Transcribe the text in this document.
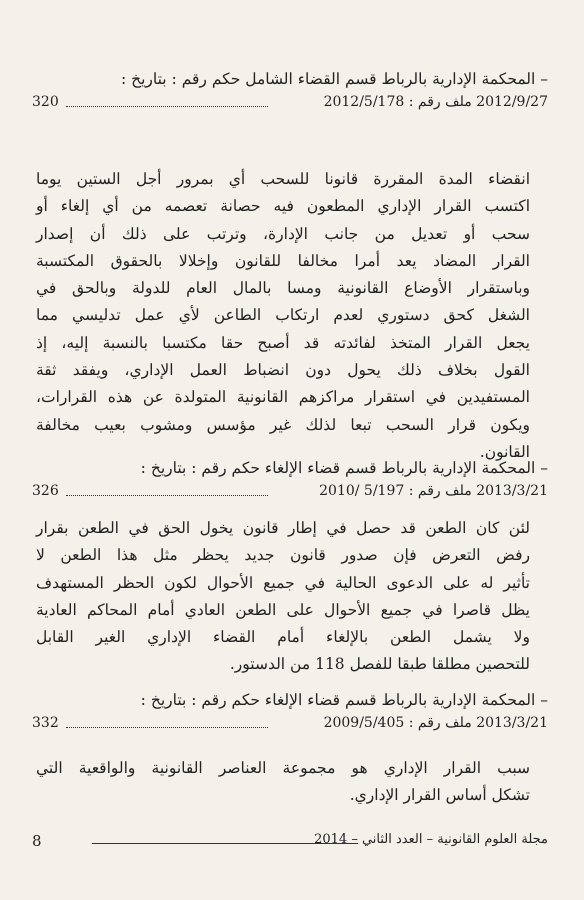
– المحكمة الإدارية بالرباط قسم القضاء الشامل حكم رقم : بتاريخ :
320	2012/9/27 ملف رقم : 2012/5/178

انقضاء المدة المقررة قانونا للسحب أي بمرور أجل الستين يوما

اكتسب القرار الإداري المطعون فيه حصانة تعصمه من أي إلغاء أو

سحب أو تعديل من جانب الإدارة، وترتب على ذلك أن إصدار

القرار المضاد يعد أمرا مخالفا للقانون وإخلالا بالحقوق المكتسبة

وباستقرار الأوضاع القانونية ومسا بالمال العام للدولة وبالحق في

الشغل كحق دستوري لعدم ارتكاب الطاعن لأي عمل تدليسي مما

يجعل القرار المتخذ لفائدته قد أصبح حقا مكتسبا بالنسبة إليه، إذ

القول بخلاف ذلك يحول دون انضباط العمل الإداري، ويفقد ثقة

المستفيدين في استقرار مراكزهم القانونية المتولدة عن هذه القرارات،

ويكون قرار السحب تبعا لذلك غير مؤسس ومشوب بعيب مخالفة

القانون.

– المحكمة الإدارية بالرباط قسم قضاء الإلغاء حكم رقم : بتاريخ :
326	2013/3/21 ملف رقم : 2010/ 5/197

لئن كان الطعن قد حصل في إطار قانون يخول الحق في الطعن بقرار

رفض التعرض فإن صدور قانون جديد يحظر مثل هذا الطعن لا

تأثير له على الدعوى الحالية في جميع الأحوال لكون الحظر المستهدف

يظل قاصرا في جميع الأحوال على الطعن العادي أمام المحاكم العادية

ولا يشمل الطعن بالإلغاء أمام القضاء الإداري الغير القابل

للتحصين مطلقا طبقا للفصل 118 من الدستور.

– المحكمة الإدارية بالرباط قسم قضاء الإلغاء حكم رقم : بتاريخ :
332	2013/3/21 ملف رقم : 2009/5/405

سبب القرار الإداري هو مجموعة العناصر القانونية والواقعية التي

تشكل أساس القرار الإداري.

8	مجلة العلوم القانونية – العدد الثاني – 2014
